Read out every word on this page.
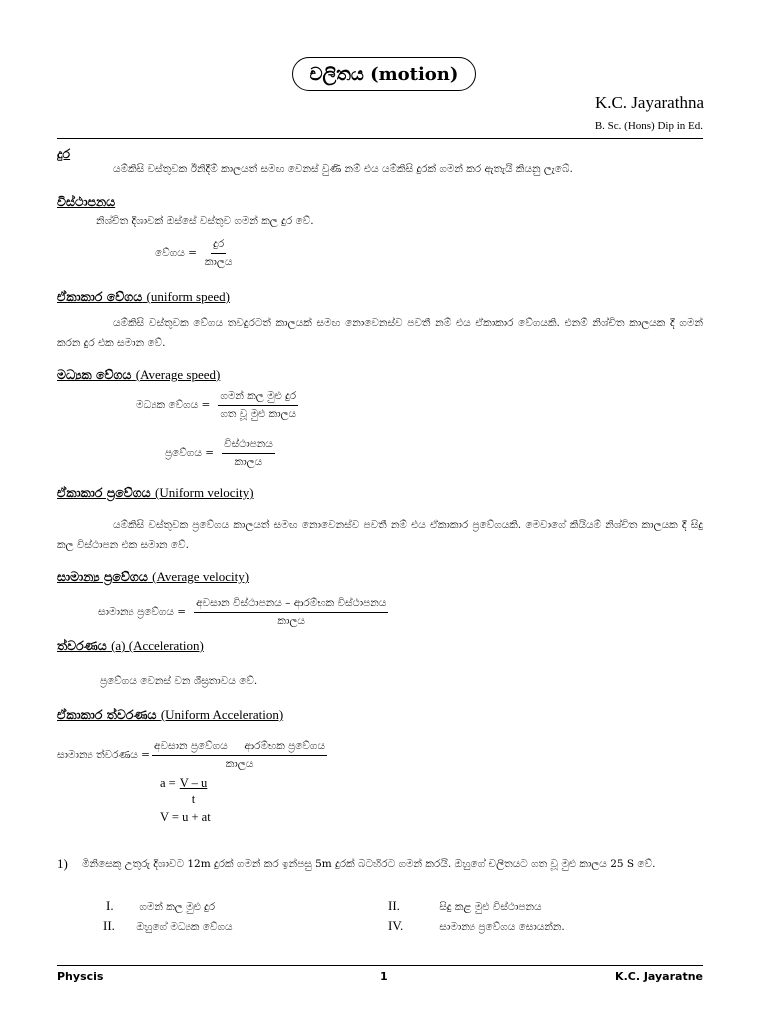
චලිතය (motion)
K.C. Jayarathna
B. Sc. (Hons) Dip in Ed.
දුර
යම්කිසි වස්තුවක ඊනිදීම් කාලයත් සමඟ වෙනස් වුණි නම් එය යම්කිසි දුරක් ගමන් කර ඇතැයි කියනු ලැබේ.
විස්ථාපනය
නිශ්චිත දිශාවක් ඔස්සේ වස්තුව ගමන් කල දුර වේ.
වේගය = $\frac{\text{දුර}}{\text{කාලය}}$
ඒකාකාර වේගය (uniform speed)
යම්කිසි වස්තුවක වේගය තවදුරටත් කාලයක් සමඟ නොවෙනස්ව පවතී නම් එය ඒකාකාර වේගයකි. එනම් නිශ්චිත කාලයක දී ගමන් කරන දුර එක සමාන වේ.
මධ්‍යක වේගය (Average speed)
මධ්‍යක වේගය = $\frac{\text{ගමන් කල මුළු දුර}}{\text{ගත වූ මුළු කාලය}}$
ප්‍රවේගය = $\frac{\text{විස්ථාපනය}}{\text{කාලය}}$
ඒකාකාර ප්‍රවේගය (Uniform velocity)
යම්කිසි වස්තුවක ප්‍රවේගය කාලයත් සමඟ නොවෙනස්ව පවතී නම් එය ඒකාකාර ප්‍රවේගයකි. මෙවාගේ කියියම් නිශ්චිත කාලයක දී සිදු කල විස්ථාපන එක සමාන වේ.
සාමාන්‍ය ප්‍රවේගය (Average velocity)
සාමාන්‍ය ප්‍රවේගය = $\frac{\text{අවසාන විස්ථාපනය – ආරම්භක විස්ථාපනය}}{\text{කාලය}}$
ත්වරණය (a) (Acceleration)
ප්‍රවේගය වෙනස් වන ශීඝ්‍රතාවය වේ.
ඒකාකාර ත්වරණය (Uniform Acceleration)
සාමාන්‍ය ත්වරණය = $\frac{\text{අවසාන ප්‍රවේගය     ආරම්භක ප්‍රවේගය}}{\text{කාලය}}$
$a = \frac{V - u}{t}$
V = u + at
1) මිනිසෙකු උතුරු දිශාවට 12m දුරක් ගමන් කර ඉන්පසු 5m දුරක් බටහිරට ගමන් කරයි. ඔහුගේ චලිතයට ගත වූ මුළු කාලය 25 S වේ.
I. ගමන් කල මුළු දුර	II.	සිදු කළ මුළු විස්ථාපනය
II. ඔහුගේ මධ්‍යක වේගය	IV.	සාමාන්‍ය ප්‍රවේගය සොයන්න.
Physcis	1	K.C. Jayaratne
